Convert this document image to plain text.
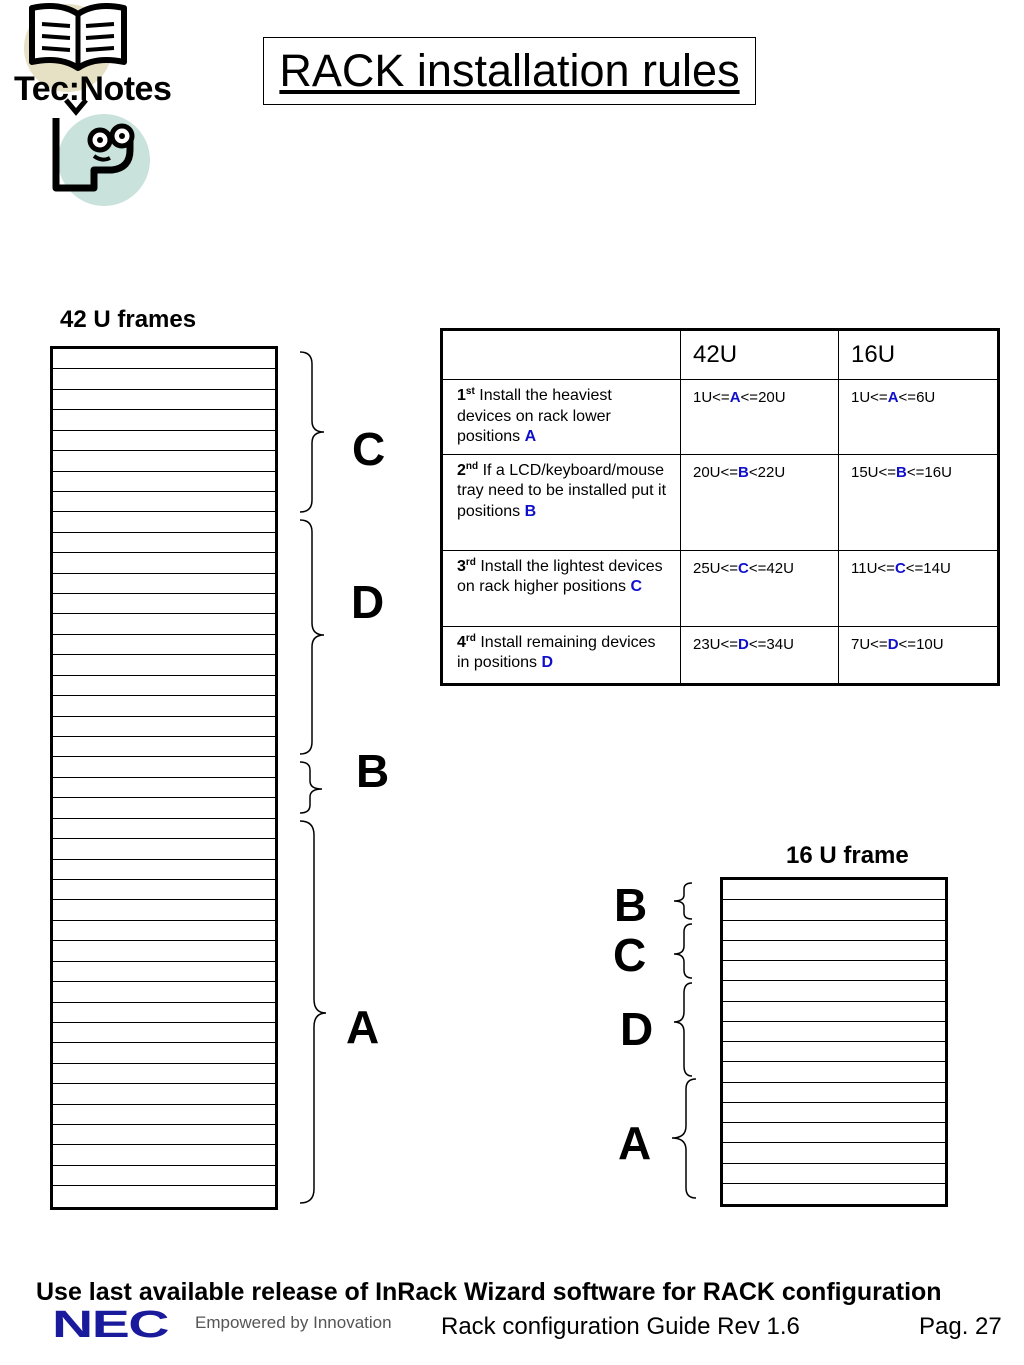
Tec:Notes RACK installation rules
42 U frames
C
D
B
A
	42U	16U
1st Install the heaviest devices on rack lower positions A	1U<=A<=20U	1U<=A<=6U
2nd If a LCD/keyboard/mouse tray need to be installed put it positions B	20U<=B<22U	15U<=B<=16U
3rd Install the lightest devices on rack higher positions C	25U<=C<=42U	11U<=C<=14U
4rd Install remaining devices in positions D	23U<=D<=34U	7U<=D<=10U
16 U frame
B
C
D
A
Use last available release of InRack Wizard software for RACK configuration
NEC Empowered by Innovation Rack configuration Guide Rev 1.6	Pag. 27
